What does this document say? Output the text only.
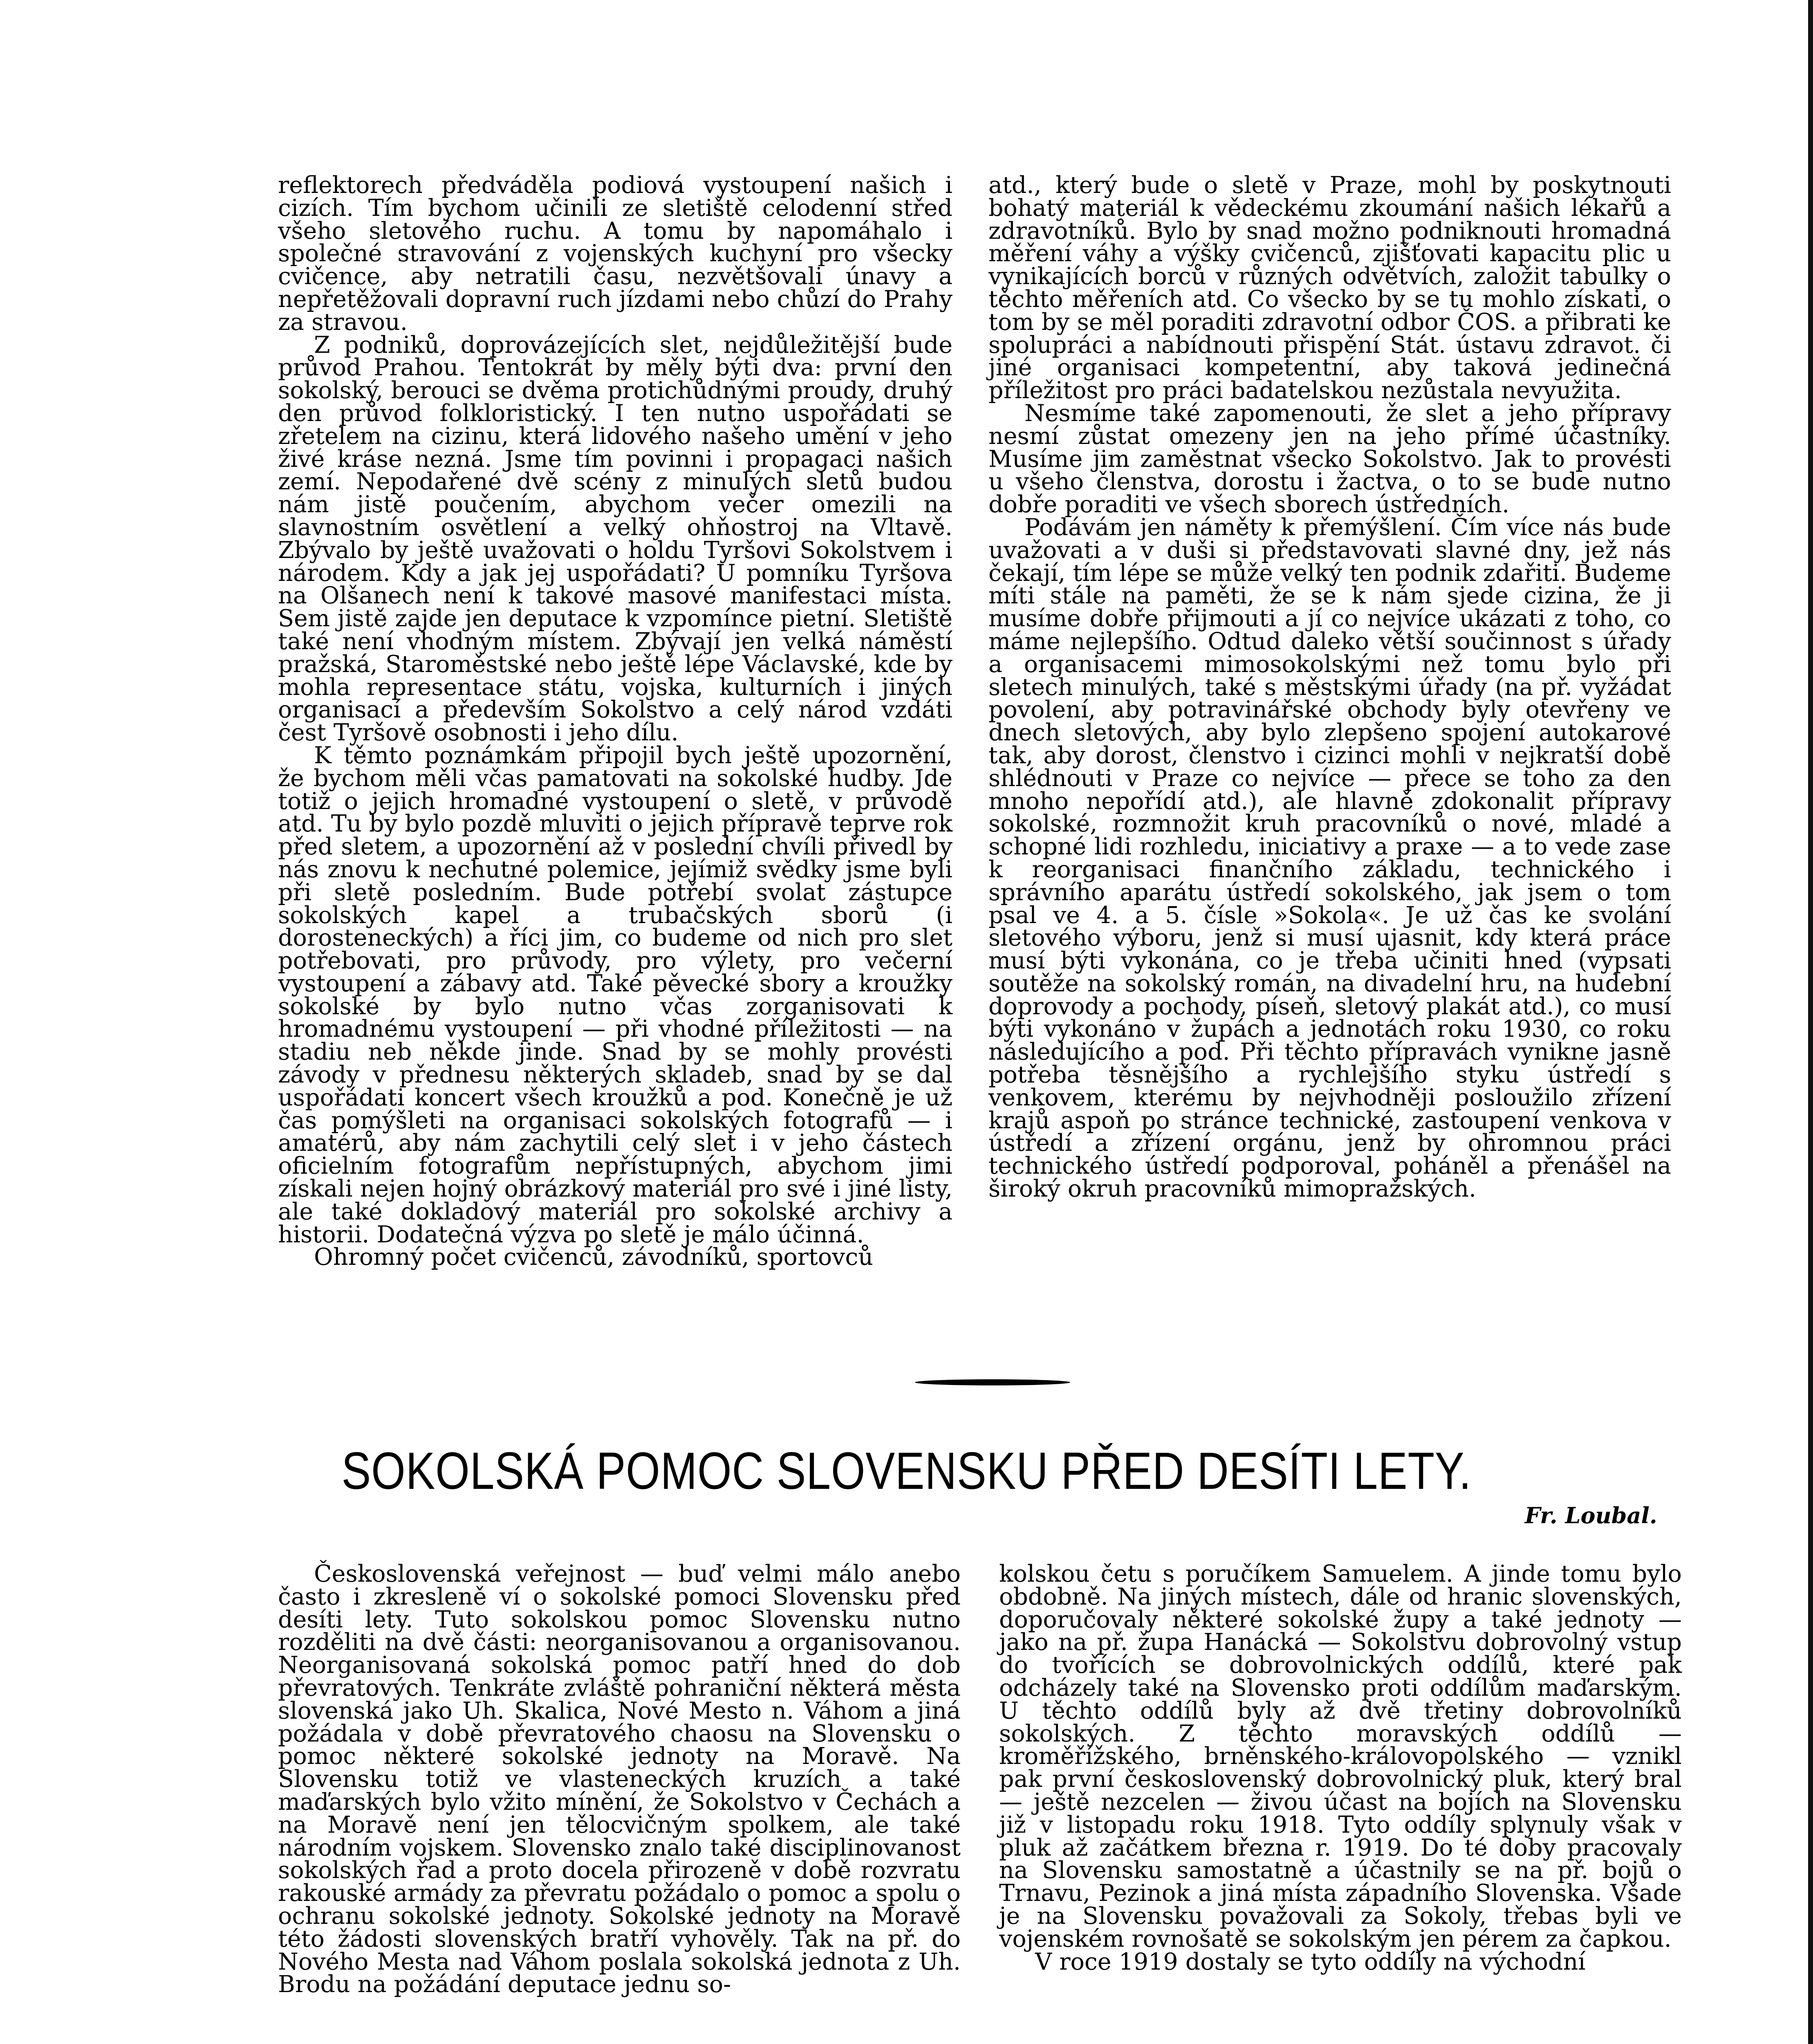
reflektorech předváděla podiová vystoupení našich i cizích. Tím bychom učinili ze sletiště celodenní střed všeho sletového ruchu. A tomu by napomáhalo i společné stravování z vojenských kuchyní pro všecky cvičence, aby netratili času, nezvětšovali únavy a nepřetěžovali dopravní ruch jízdami nebo chůzí do Prahy za stravou.

Z podniků, doprovázejících slet, nejdůležitější bude průvod Prahou. Tentokrát by měly býti dva: první den sokolský, berouci se dvěma protichůdnými proudy, druhý den průvod folkloristický. I ten nutno uspořádati se zřetelem na cizinu, která lidového našeho umění v jeho živé kráse nezná. Jsme tím povinni i propagaci našich zemí. Nepodařené dvě scény z minulých sletů budou nám jistě poučením, abychom večer omezili na slavnostním osvětlení a velký ohňostroj na Vltavě. Zbývalo by ještě uvažovati o holdu Tyršovi Sokolstvem i národem. Kdy a jak jej uspořádati? U pomníku Tyršova na Olšanech není k takové masové manifestaci místa. Sem jistě zajde jen deputace k vzpomínce pietní. Sletiště také není vhodným místem. Zbývají jen velká náměstí pražská, Staroměstské nebo ještě lépe Václavské, kde by mohla representace státu, vojska, kulturních i jiných organisací a především Sokolstvo a celý národ vzdáti čest Tyršově osobnosti i jeho dílu.

K těmto poznámkám připojil bych ještě upozornění, že bychom měli včas pamatovati na sokolské hudby. Jde totiž o jejich hromadné vystoupení o sletě, v průvodě atd. Tu by bylo pozdě mluviti o jejich přípravě teprve rok před sletem, a upozornění až v poslední chvíli přivedl by nás znovu k nechutné polemice, jejímiž svědky jsme byli při sletě posledním. Bude potřebí svolat zástupce sokolských kapel a trubačských sborů (i dorosteneckých) a říci jim, co budeme od nich pro slet potřebovati, pro průvody, pro výlety, pro večerní vystoupení a zábavy atd. Také pěvecké sbory a kroužky sokolské by bylo nutno včas zorganisovati k hromadnému vystoupení — při vhodné příležitosti — na stadiu neb někde jinde. Snad by se mohly provésti závody v přednesu některých skladeb, snad by se dal uspořádati koncert všech kroužků a pod. Konečně je už čas pomýšleti na organisaci sokolských fotografů — i amatérů, aby nám zachytili celý slet i v jeho částech oficielním fotografům nepřístupných, abychom jimi získali nejen hojný obrázkový materiál pro své i jiné listy, ale také dokladový materiál pro sokolské archivy a historii. Dodatečná výzva po sletě je málo účinná.

Ohromný počet cvičenců, závodníků, sportovců

atd., který bude o sletě v Praze, mohl by poskytnouti bohatý materiál k vědeckému zkoumání našich lékařů a zdravotníků. Bylo by snad možno podniknouti hromadná měření váhy a výšky cvičenců, zjišťovati kapacitu plic u vynikajících borců v různých odvětvích, založit tabulky o těchto měřeních atd. Co všecko by se tu mohlo získati, o tom by se měl poraditi zdravotní odbor ČOS. a přibrati ke spolupráci a nabídnouti přispění Stát. ústavu zdravot. či jiné organisaci kompetentní, aby taková jedinečná příležitost pro práci badatelskou nezůstala nevyužita.

Nesmíme také zapomenouti, že slet a jeho přípravy nesmí zůstat omezeny jen na jeho přímé účastníky. Musíme jim zaměstnat všecko Sokolstvo. Jak to provésti u všeho členstva, dorostu i žactva, o to se bude nutno dobře poraditi ve všech sborech ústředních.

Podávám jen náměty k přemýšlení. Čím více nás bude uvažovati a v duši si představovati slavné dny, jež nás čekají, tím lépe se může velký ten podnik zdařiti. Budeme míti stále na paměti, že se k nám sjede cizina, že ji musíme dobře přijmouti a jí co nejvíce ukázati z toho, co máme nejlepšího. Odtud daleko větší součinnost s úřady a organisacemi mimosokolskými než tomu bylo při sletech minulých, také s městskými úřady (na př. vyžádat povolení, aby potravinářské obchody byly otevřeny ve dnech sletových, aby bylo zlepšeno spojení autokarové tak, aby dorost, členstvo i cizinci mohli v nejkratší době shlédnouti v Praze co nejvíce — přece se toho za den mnoho nepořídí atd.), ale hlavně zdokonalit přípravy sokolské, rozmnožit kruh pracovníků o nové, mladé a schopné lidi rozhledu, iniciativy a praxe — a to vede zase k reorganisaci finančního základu, technického i správního aparátu ústředí sokolského, jak jsem o tom psal ve 4. a 5. čísle »Sokola«. Je už čas ke svolání sletového výboru, jenž si musí ujasnit, kdy která práce musí býti vykonána, co je třeba učiniti hned (vypsati soutěže na sokolský román, na divadelní hru, na hudební doprovody a pochody, píseň, sletový plakát atd.), co musí býti vykonáno v župách a jednotách roku 1930, co roku následujícího a pod. Při těchto přípravách vynikne jasně potřeba těsnějšího a rychlejšího styku ústředí s venkovem, kterému by nejvhodněji posloužilo zřízení krajů aspoň po stránce technické, zastoupení venkova v ústředí a zřízení orgánu, jenž by ohromnou práci technického ústředí podporoval, poháněl a přenášel na široký okruh pracovníků mimopražských.

SOKOLSKÁ POMOC SLOVENSKU PŘED DESÍTI LETY.
Fr. Loubal.

Československá veřejnost — buď velmi málo anebo často i zkresleně ví o sokolské pomoci Slovensku před desíti lety. Tuto sokolskou pomoc Slovensku nutno rozděliti na dvě části: neorganisovanou a organisovanou. Neorganisovaná sokolská pomoc patří hned do dob převratových. Tenkráte zvláště pohraniční některá města slovenská jako Uh. Skalica, Nové Mesto n. Váhom a jiná požádala v době převratového chaosu na Slovensku o pomoc některé sokolské jednoty na Moravě. Na Slovensku totiž ve vlasteneckých kruzích a také maďarských bylo vžito mínění, že Sokolstvo v Čechách a na Moravě není jen tělocvičným spolkem, ale také národním vojskem. Slovensko znalo také disciplinovanost sokolských řad a proto docela přirozeně v době rozvratu rakouské armády za převratu požádalo o pomoc a spolu o ochranu sokolské jednoty. Sokolské jednoty na Moravě této žádosti slovenských bratří vyhověly. Tak na př. do Nového Mesta nad Váhom poslala sokolská jednota z Uh. Brodu na požádání deputace jednu so-

kolskou četu s poručíkem Samuelem. A jinde tomu bylo obdobně. Na jiných místech, dále od hranic slovenských, doporučovaly některé sokolské župy a také jednoty — jako na př. župa Hanácká — Sokolstvu dobrovolný vstup do tvořících se dobrovolnických oddílů, které pak odcházely také na Slovensko proti oddílům maďarským. U těchto oddílů byly až dvě třetiny dobrovolníků sokolských. Z těchto moravských oddílů — kroměřížského, brněnského-královopolského — vznikl pak první československý dobrovolnický pluk, který bral — ještě nezcelen — živou účast na bojích na Slovensku již v listopadu roku 1918. Tyto oddíly splynuly však v pluk až začátkem března r. 1919. Do té doby pracovaly na Slovensku samostatně a účastnily se na př. bojů o Trnavu, Pezinok a jiná místa západního Slovenska. Všade je na Slovensku považovali za Sokoly, třebas byli ve vojenském rovnošatě se sokolským jen pérem za čapkou.

V roce 1919 dostaly se tyto oddíly na východní
